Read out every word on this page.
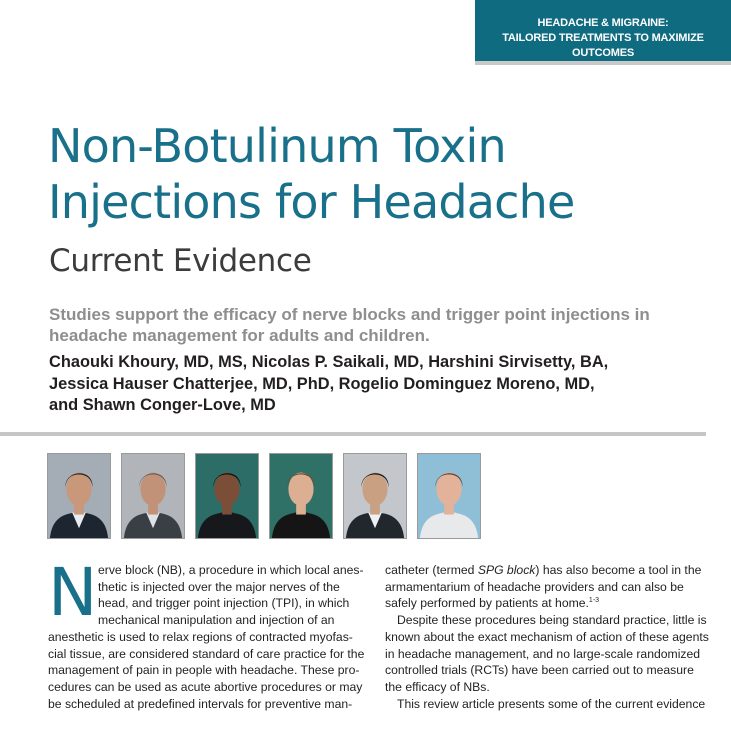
HEADACHE & MIGRAINE:
TAILORED TREATMENTS TO MAXIMIZE OUTCOMES
Non-Botulinum Toxin
Injections for Headache
Current Evidence

Studies support the efficacy of nerve blocks and trigger point injections in headache management for adults and children.

Chaouki Khoury, MD, MS, Nicolas P. Saikali, MD, Harshini Sirvisetty, BA,
Jessica Hauser Chatterjee, MD, PhD, Rogelio Dominguez Moreno, MD,
and Shawn Conger-Love, MD

N erve block (NB), a procedure in which local anes-
thetic is injected over the major nerves of the
head, and trigger point injection (TPI), in which
mechanical manipulation and injection of an
anesthetic is used to relax regions of contracted myofas-
cial tissue, are considered standard of care practice for the
management of pain in people with headache. These pro-
cedures can be used as acute abortive procedures or may
be scheduled at predefined intervals for preventive man-
catheter (termed SPG block) has also become a tool in the
armamentarium of headache providers and can also be
safely performed by patients at home.$^{1-3}$
Despite these procedures being standard practice, little is
known about the exact mechanism of action of these agents
in headache management, and no large-scale randomized
controlled trials (RCTs) have been carried out to measure
the efficacy of NBs.
This review article presents some of the current evidence
